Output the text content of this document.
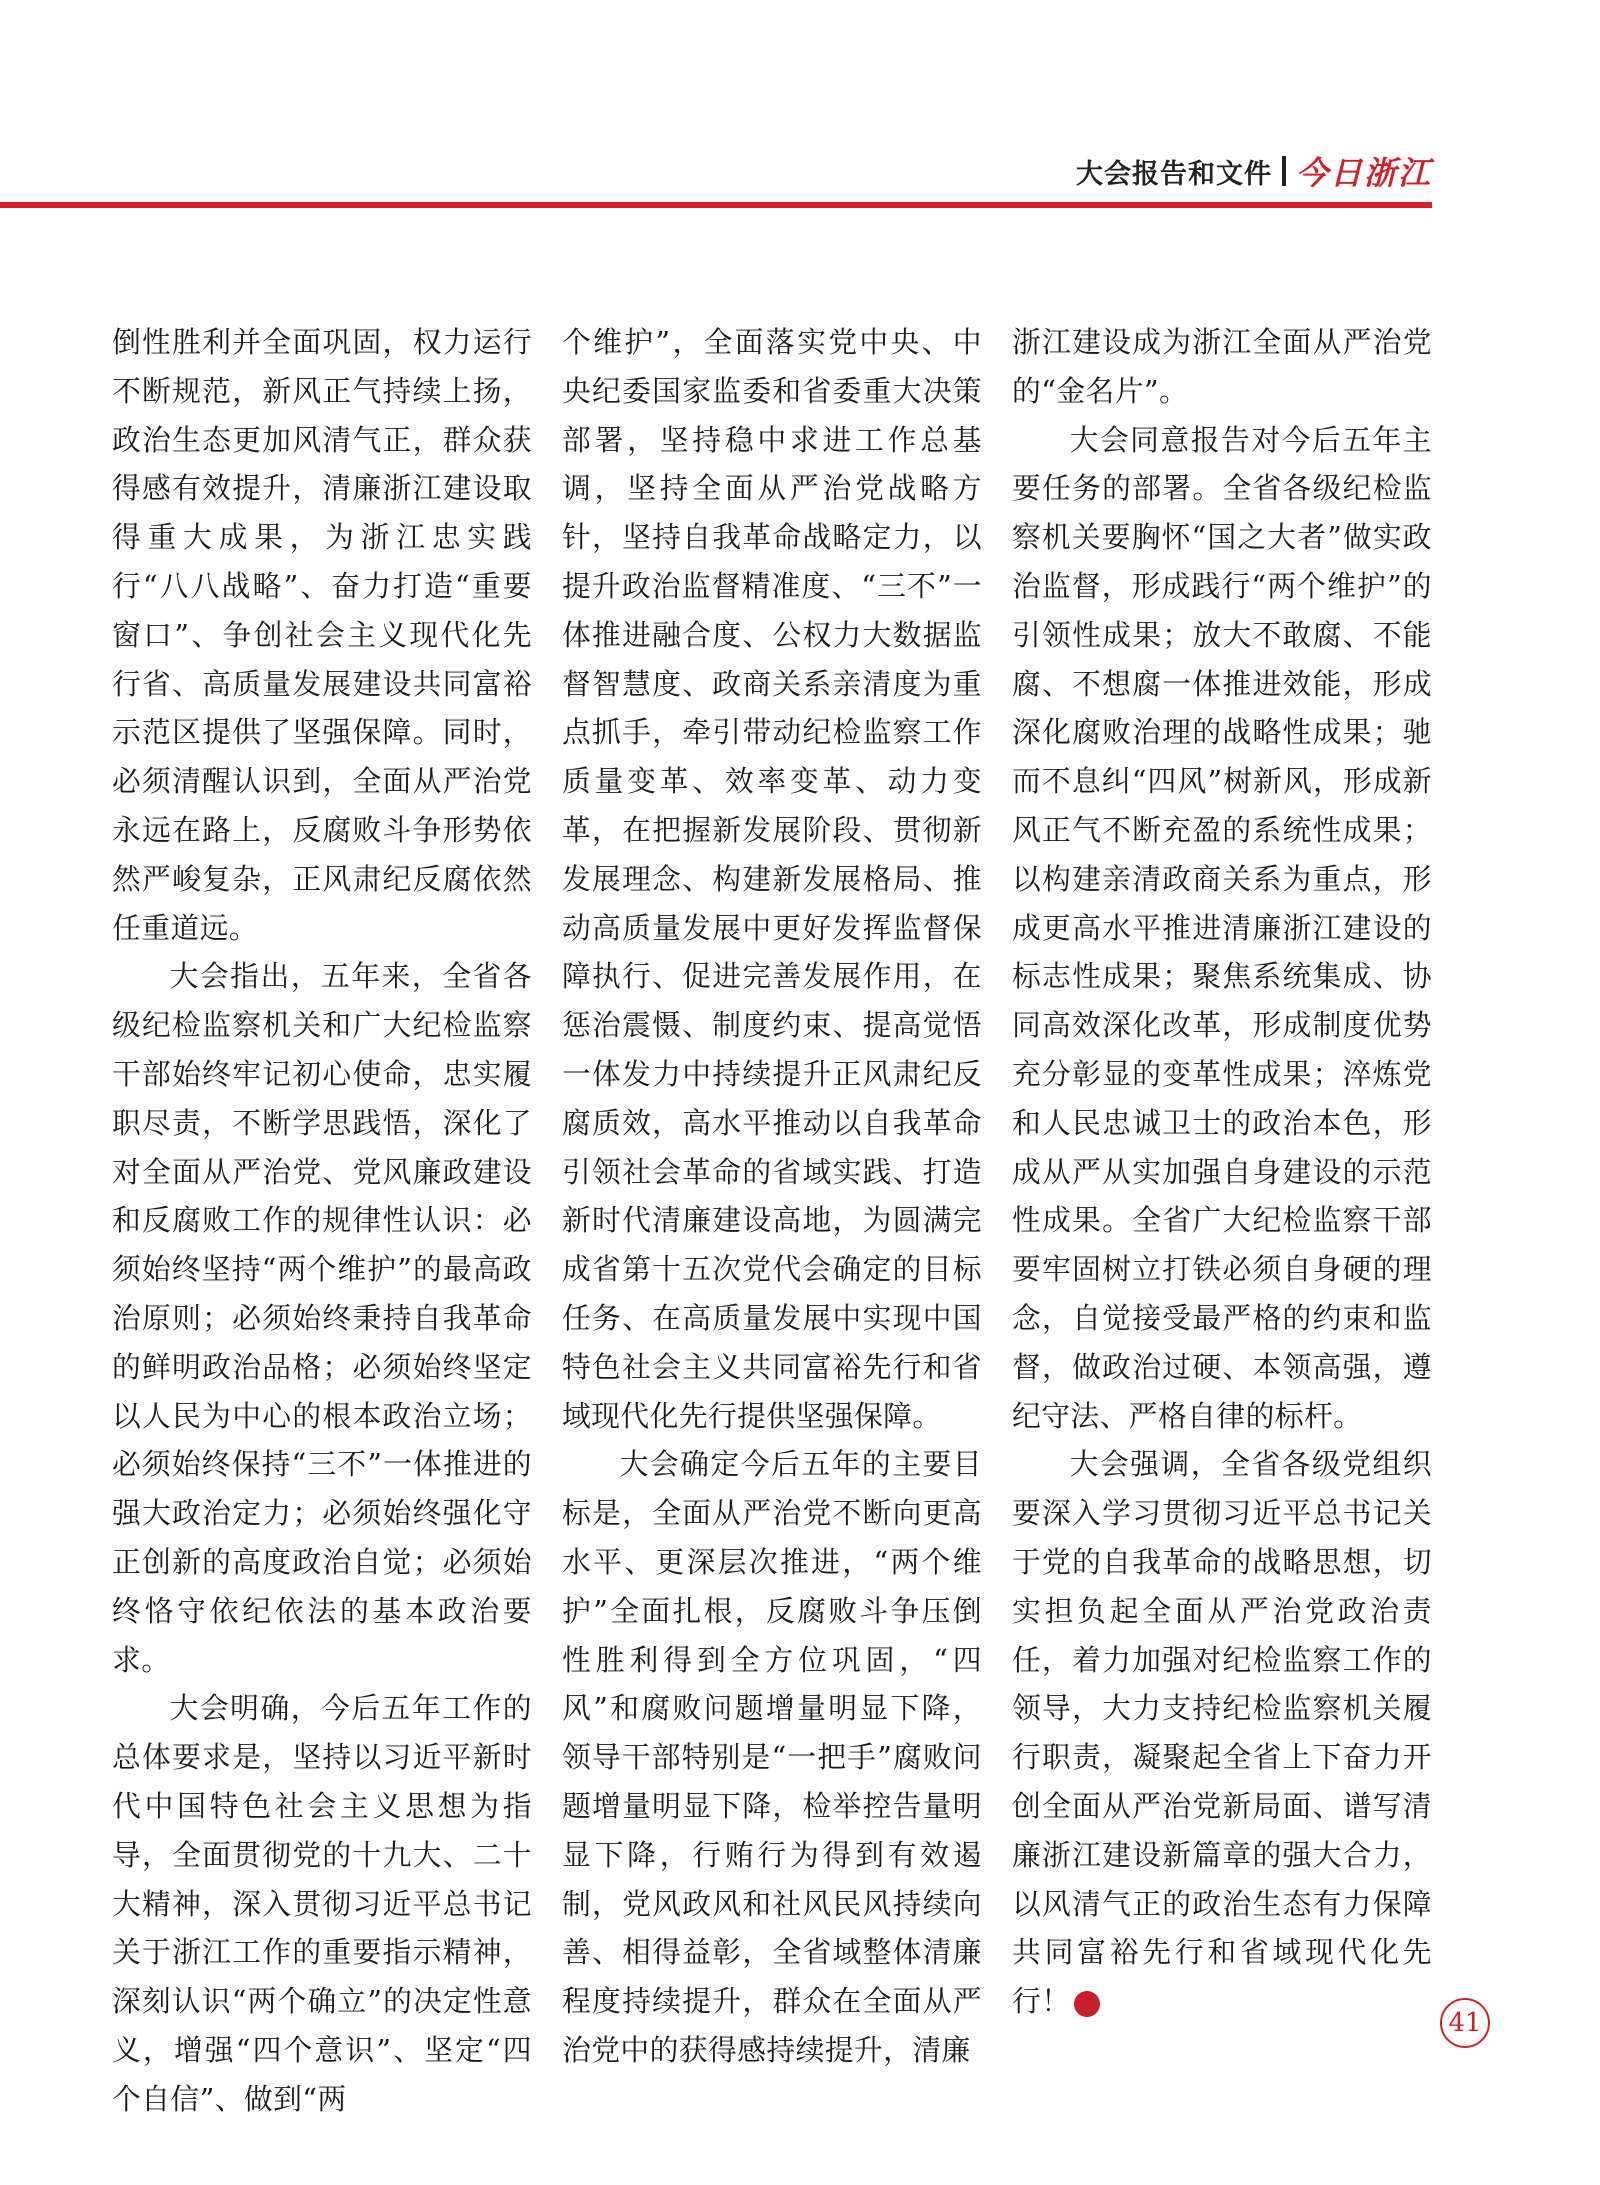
大会报告和文件 今日浙江

倒性胜利并全面巩固，权力运行不断规范，新风正气持续上扬，政治生态更加风清气正，群众获得感有效提升，清廉浙江建设取得重大成果，为浙江忠实践行“八八战略”、奋力打造“重要窗口”、争创社会主义现代化先行省、高质量发展建设共同富裕示范区提供了坚强保障。同时，必须清醒认识到，全面从严治党永远在路上，反腐败斗争形势依然严峻复杂，正风肃纪反腐依然任重道远。

大会指出，五年来，全省各级纪检监察机关和广大纪检监察干部始终牢记初心使命，忠实履职尽责，不断学思践悟，深化了对全面从严治党、党风廉政建设和反腐败工作的规律性认识：必须始终坚持“两个维护”的最高政治原则；必须始终秉持自我革命的鲜明政治品格；必须始终坚定以人民为中心的根本政治立场；必须始终保持“三不”一体推进的强大政治定力；必须始终强化守正创新的高度政治自觉；必须始终恪守依纪依法的基本政治要求。

大会明确，今后五年工作的总体要求是，坚持以习近平新时代中国特色社会主义思想为指导，全面贯彻党的十九大、二十大精神，深入贯彻习近平总书记关于浙江工作的重要指示精神，深刻认识“两个确立”的决定性意义，增强“四个意识”、坚定“四个自信”、做到“两

个维护”，全面落实党中央、中央纪委国家监委和省委重大决策部署，坚持稳中求进工作总基调，坚持全面从严治党战略方针，坚持自我革命战略定力，以提升政治监督精准度、“三不”一体推进融合度、公权力大数据监督智慧度、政商关系亲清度为重点抓手，牵引带动纪检监察工作质量变革、效率变革、动力变革，在把握新发展阶段、贯彻新发展理念、构建新发展格局、推动高质量发展中更好发挥监督保障执行、促进完善发展作用，在惩治震慑、制度约束、提高觉悟一体发力中持续提升正风肃纪反腐质效，高水平推动以自我革命引领社会革命的省域实践、打造新时代清廉建设高地，为圆满完成省第十五次党代会确定的目标任务、在高质量发展中实现中国特色社会主义共同富裕先行和省域现代化先行提供坚强保障。

大会确定今后五年的主要目标是，全面从严治党不断向更高水平、更深层次推进，“两个维护”全面扎根，反腐败斗争压倒性胜利得到全方位巩固，“四风”和腐败问题增量明显下降，领导干部特别是“一把手”腐败问题增量明显下降，检举控告量明显下降，行贿行为得到有效遏制，党风政风和社风民风持续向善、相得益彰，全省域整体清廉程度持续提升，群众在全面从严治党中的获得感持续提升，清廉

浙江建设成为浙江全面从严治党的“金名片”。

大会同意报告对今后五年主要任务的部署。全省各级纪检监察机关要胸怀“国之大者”做实政治监督，形成践行“两个维护”的引领性成果；放大不敢腐、不能腐、不想腐一体推进效能，形成深化腐败治理的战略性成果；驰而不息纠“四风”树新风，形成新风正气不断充盈的系统性成果；以构建亲清政商关系为重点，形成更高水平推进清廉浙江建设的标志性成果；聚焦系统集成、协同高效深化改革，形成制度优势充分彰显的变革性成果；淬炼党和人民忠诚卫士的政治本色，形成从严从实加强自身建设的示范性成果。全省广大纪检监察干部要牢固树立打铁必须自身硬的理念，自觉接受最严格的约束和监督，做政治过硬、本领高强，遵纪守法、严格自律的标杆。

大会强调，全省各级党组织要深入学习贯彻习近平总书记关于党的自我革命的战略思想，切实担负起全面从严治党政治责任，着力加强对纪检监察工作的领导，大力支持纪检监察机关履行职责，凝聚起全省上下奋力开创全面从严治党新局面、谱写清廉浙江建设新篇章的强大合力，以风清气正的政治生态有力保障共同富裕先行和省域现代化先行！	今

41
